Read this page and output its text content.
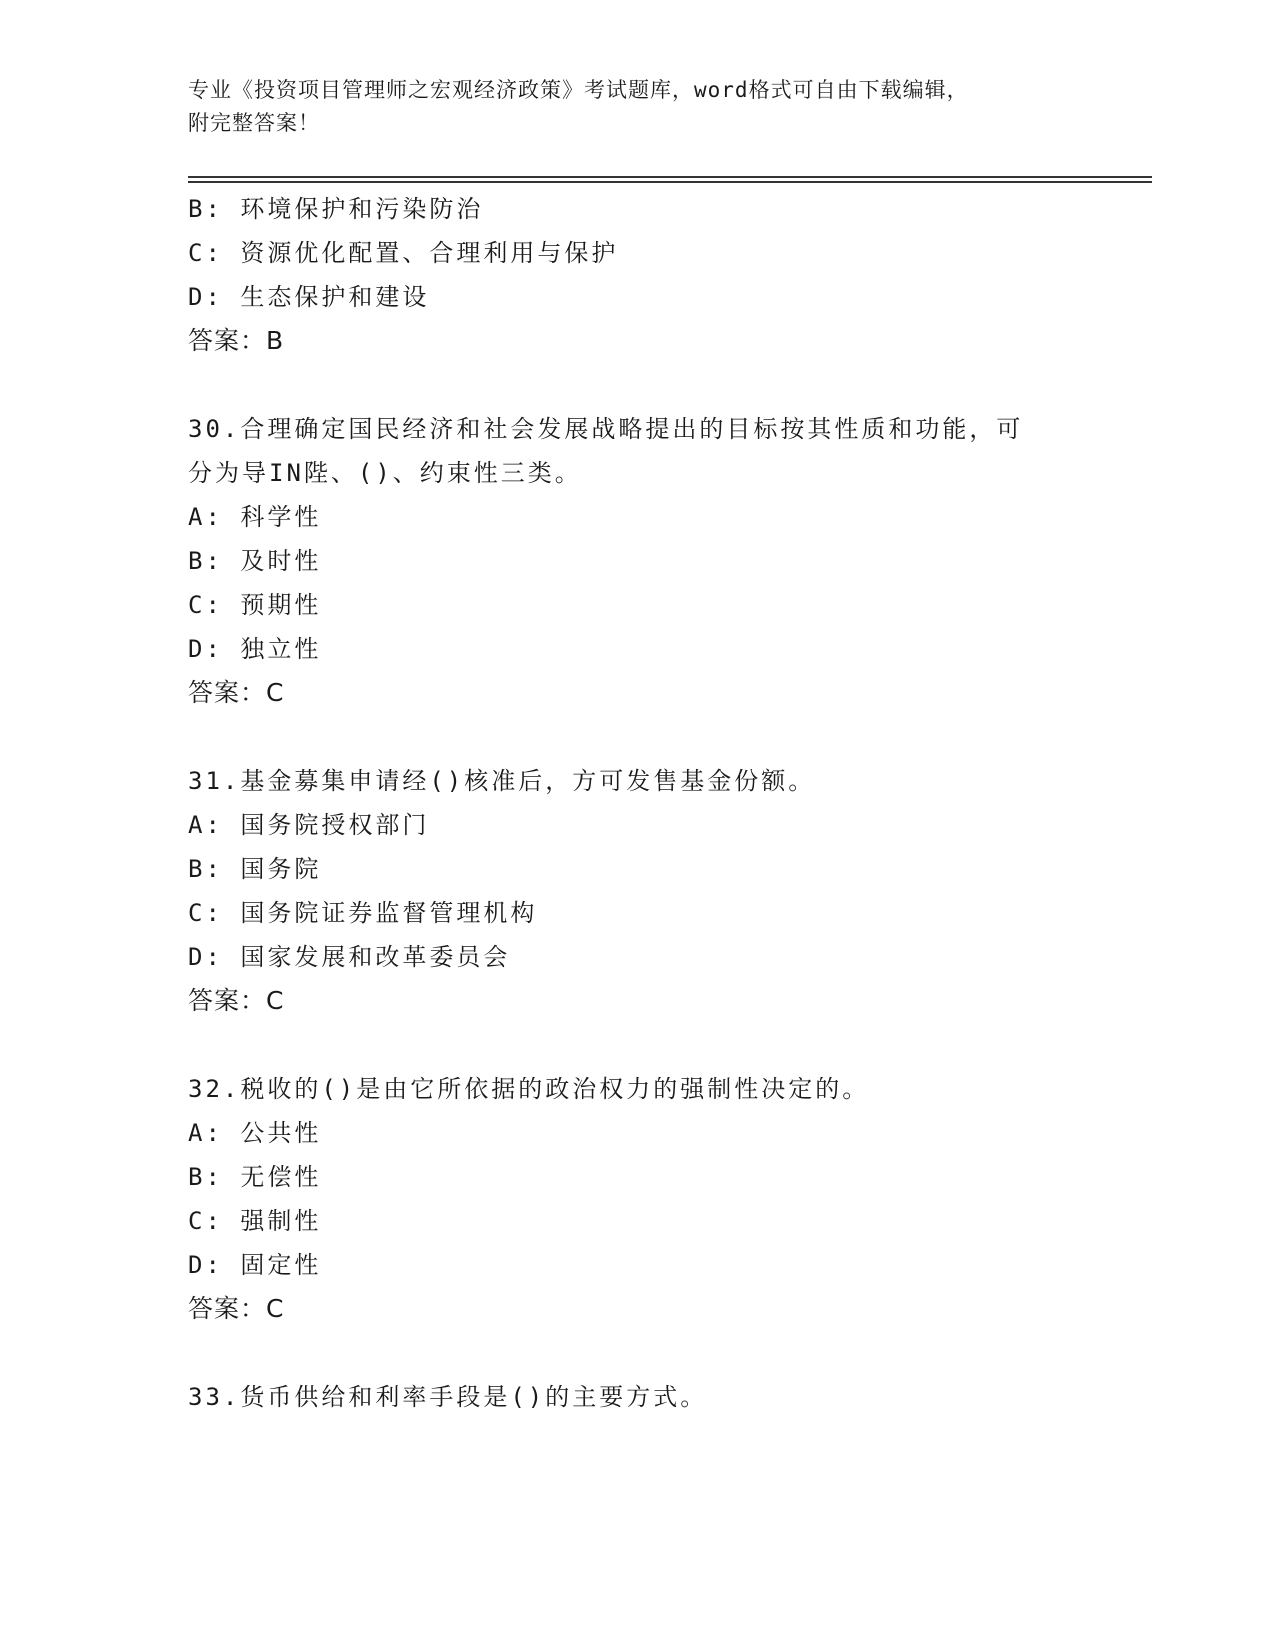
专业《投资项目管理师之宏观经济政策》考试题库，word格式可自由下载编辑，
附完整答案！
B: 环境保护和污染防治
C: 资源优化配置、合理利用与保护
D: 生态保护和建设
答案：B
30.合理确定国民经济和社会发展战略提出的目标按其性质和功能，可
分为导IN陛、()、约束性三类。
A: 科学性
B: 及时性
C: 预期性
D: 独立性
答案：C
31.基金募集申请经()核准后，方可发售基金份额。
A: 国务院授权部门
B: 国务院
C: 国务院证券监督管理机构
D: 国家发展和改革委员会
答案：C
32.税收的()是由它所依据的政治权力的强制性决定的。
A: 公共性
B: 无偿性
C: 强制性
D: 固定性
答案：C
33.货币供给和利率手段是()的主要方式。
